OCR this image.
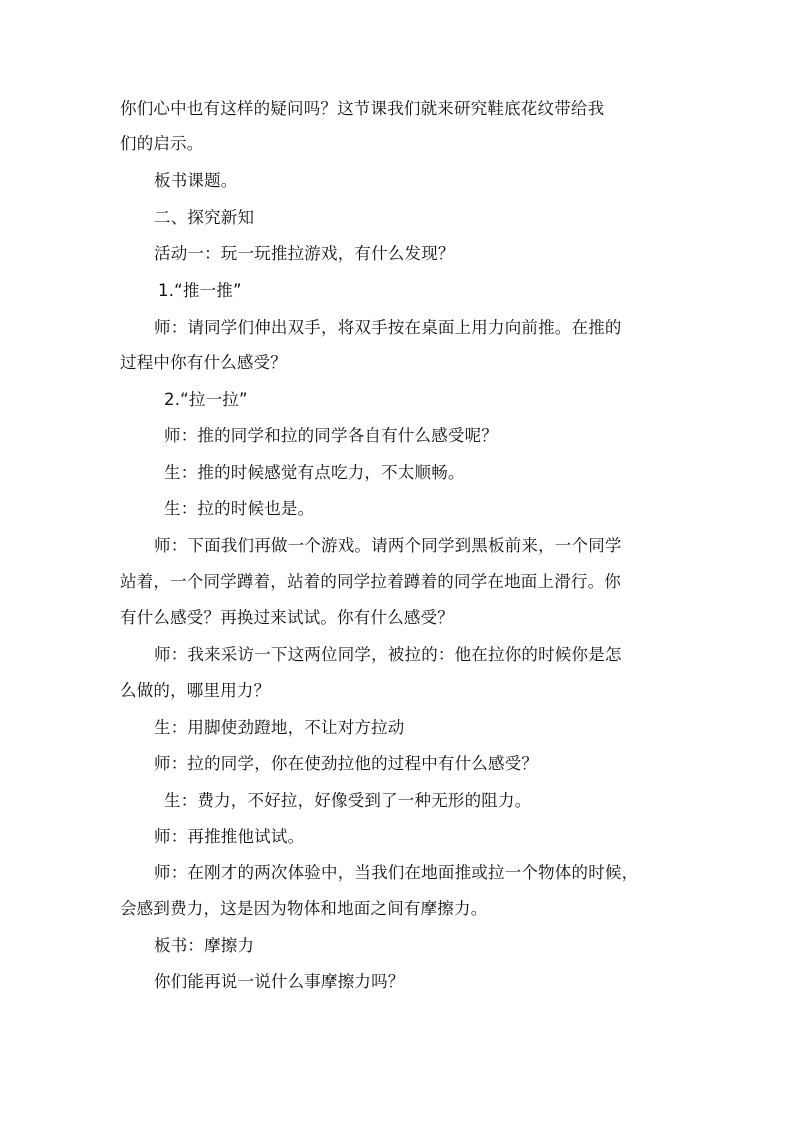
你们心中也有这样的疑问吗？这节课我们就来研究鞋底花纹带给我
们的启示。
板书课题。
二、探究新知
活动一：玩一玩推拉游戏，有什么发现？
1.“推一推”
师：请同学们伸出双手，将双手按在桌面上用力向前推。在推的
过程中你有什么感受？
2.“拉一拉”
师：推的同学和拉的同学各自有什么感受呢？
生：推的时候感觉有点吃力，不太顺畅。
生：拉的时候也是。
师：下面我们再做一个游戏。请两个同学到黑板前来，一个同学
站着，一个同学蹲着，站着的同学拉着蹲着的同学在地面上滑行。你
有什么感受？再换过来试试。你有什么感受？
师：我来采访一下这两位同学，被拉的：他在拉你的时候你是怎
么做的，哪里用力？
生：用脚使劲蹬地，不让对方拉动
师：拉的同学，你在使劲拉他的过程中有什么感受？
生：费力，不好拉，好像受到了一种无形的阻力。
师：再推推他试试。
师：在刚才的两次体验中，当我们在地面推或拉一个物体的时候，
会感到费力，这是因为物体和地面之间有摩擦力。
板书：摩擦力
你们能再说一说什么事摩擦力吗？
